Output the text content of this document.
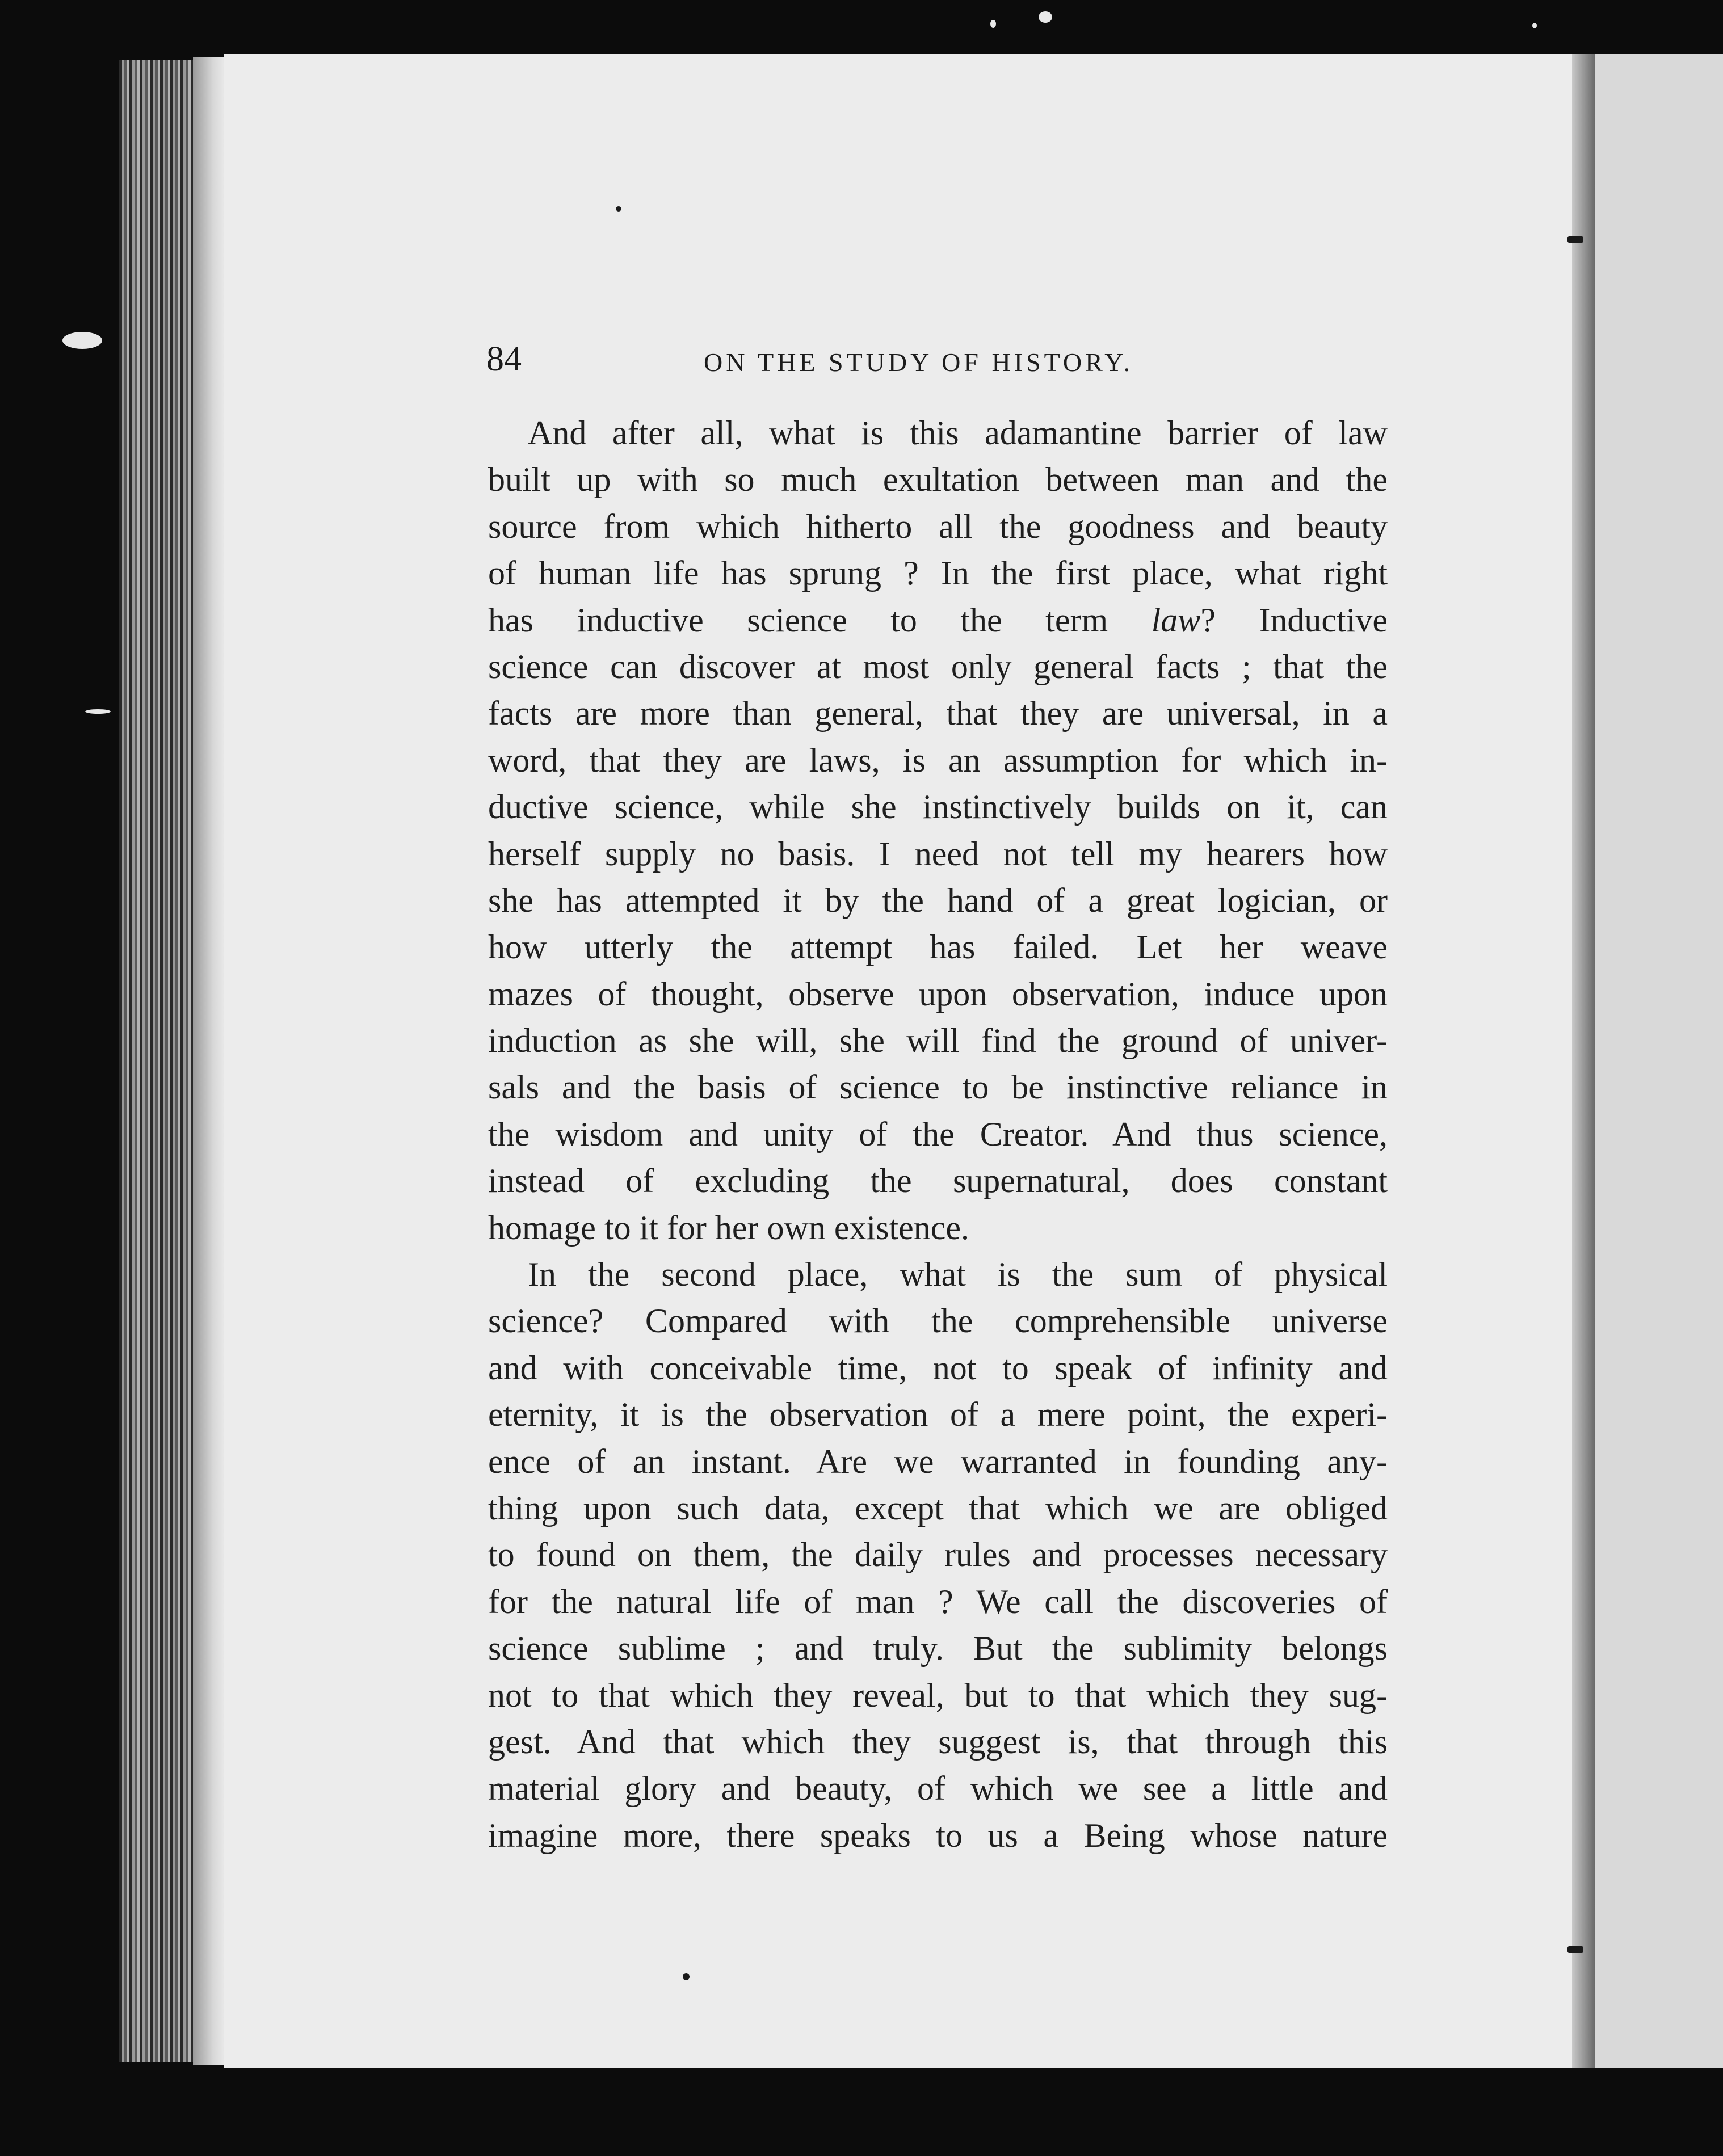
84	ON THE STUDY OF HISTORY.

And after all, what is this adamantine barrier of law
built up with so much exultation between man and the
source from which hitherto all the goodness and beauty
of human life has sprung ? In the first place, what right
has inductive science to the term law? Inductive
science can discover at most only general facts ; that the
facts are more than general, that they are universal, in a
word, that they are laws, is an assumption for which in-
ductive science, while she instinctively builds on it, can
herself supply no basis. I need not tell my hearers how
she has attempted it by the hand of a great logician, or
how utterly the attempt has failed. Let her weave
mazes of thought, observe upon observation, induce upon
induction as she will, she will find the ground of univer-
sals and the basis of science to be instinctive reliance in
the wisdom and unity of the Creator. And thus science,
instead of excluding the supernatural, does constant
homage to it for her own existence.
In the second place, what is the sum of physical
science? Compared with the comprehensible universe
and with conceivable time, not to speak of infinity and
eternity, it is the observation of a mere point, the experi-
ence of an instant. Are we warranted in founding any-
thing upon such data, except that which we are obliged
to found on them, the daily rules and processes necessary
for the natural life of man ? We call the discoveries of
science sublime ; and truly. But the sublimity belongs
not to that which they reveal, but to that which they sug-
gest. And that which they suggest is, that through this
material glory and beauty, of which we see a little and
imagine more, there speaks to us a Being whose nature
